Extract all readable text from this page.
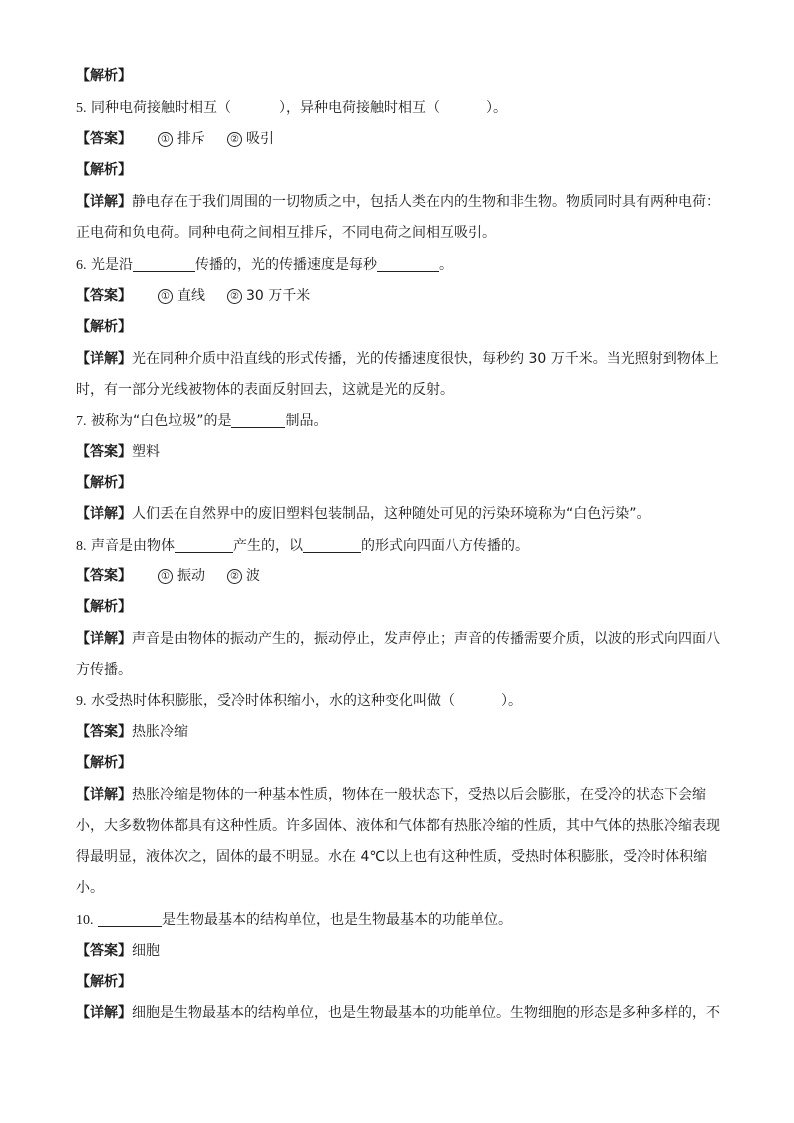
【解析】
5. 同种电荷接触时相互（	），异种电荷接触时相互（	）。
【答案】	① 排斥	② 吸引
【解析】
【详解】静电存在于我们周围的一切物质之中，包括人类在内的生物和非生物。物质同时具有两种电荷：
正电荷和负电荷。同种电荷之间相互排斥，不同电荷之间相互吸引。
6. 光是沿	传播的，光的传播速度是每秒	。
【答案】	① 直线	② 30 万千米
【解析】
【详解】光在同种介质中沿直线的形式传播，光的传播速度很快，每秒约 30 万千米。当光照射到物体上
时，有一部分光线被物体的表面反射回去，这就是光的反射。
7. 被称为“白色垃圾”的是	制品。
【答案】塑料
【解析】
【详解】人们丢在自然界中的废旧塑料包装制品，这种随处可见的污染环境称为“白色污染”。
8. 声音是由物体	产生的，以	的形式向四面八方传播的。
【答案】	① 振动	② 波
【解析】
【详解】声音是由物体的振动产生的，振动停止，发声停止；声音的传播需要介质，以波的形式向四面八
方传播。
9. 水受热时体积膨胀，受冷时体积缩小，水的这种变化叫做（	）。
【答案】热胀冷缩
【解析】
【详解】热胀冷缩是物体的一种基本性质，物体在一般状态下，受热以后会膨胀，在受冷的状态下会缩
小，大多数物体都具有这种性质。许多固体、液体和气体都有热胀冷缩的性质，其中气体的热胀冷缩表现
得最明显，液体次之，固体的最不明显。水在 4℃以上也有这种性质，受热时体积膨胀，受冷时体积缩
小。
10.	是生物最基本的结构单位，也是生物最基本的功能单位。
【答案】细胞
【解析】
【详解】细胞是生物最基本的结构单位，也是生物最基本的功能单位。生物细胞的形态是多种多样的，不
